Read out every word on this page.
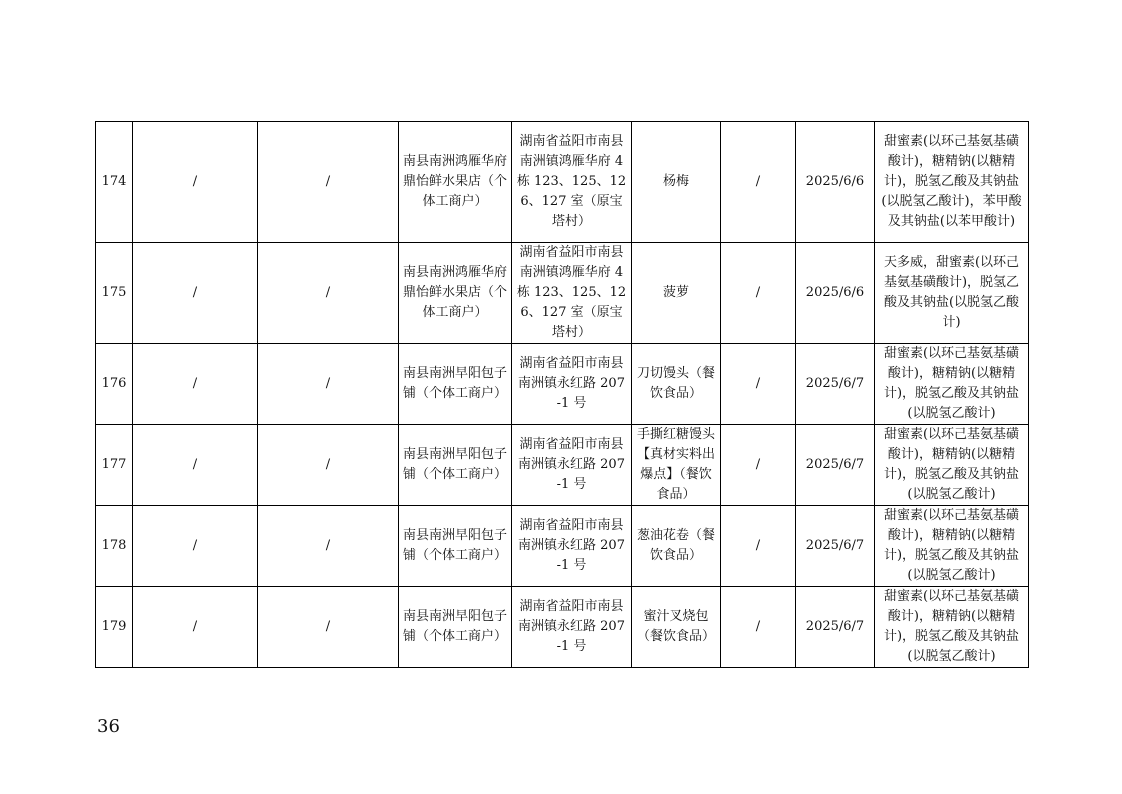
174	/	/	南县南洲鸿雁华府鼎怡鲜水果店（个体工商户）	湖南省益阳市南县南洲镇鸿雁华府 4 栋 123、125、126、127 室（原宝塔村）	杨梅	/	2025/6/6	甜蜜素(以环己基氨基磺酸计)，糖精钠(以糖精计)，脱氢乙酸及其钠盐(以脱氢乙酸计)，苯甲酸及其钠盐(以苯甲酸计)
175	/	/	南县南洲鸿雁华府鼎怡鲜水果店（个体工商户）	湖南省益阳市南县南洲镇鸿雁华府 4 栋 123、125、126、127 室（原宝塔村）	菠萝	/	2025/6/6	天多威，甜蜜素(以环己基氨基磺酸计)，脱氢乙酸及其钠盐(以脱氢乙酸计)
176	/	/	南县南洲早阳包子铺（个体工商户）	湖南省益阳市南县南洲镇永红路 207-1 号	刀切馒头（餐饮食品）	/	2025/6/7	甜蜜素(以环己基氨基磺酸计)，糖精钠(以糖精计)，脱氢乙酸及其钠盐(以脱氢乙酸计)
177	/	/	南县南洲早阳包子铺（个体工商户）	湖南省益阳市南县南洲镇永红路 207-1 号	手撕红糖馒头【真材实料出爆点】（餐饮食品）	/	2025/6/7	甜蜜素(以环己基氨基磺酸计)，糖精钠(以糖精计)，脱氢乙酸及其钠盐(以脱氢乙酸计)
178	/	/	南县南洲早阳包子铺（个体工商户）	湖南省益阳市南县南洲镇永红路 207-1 号	葱油花卷（餐饮食品）	/	2025/6/7	甜蜜素(以环己基氨基磺酸计)，糖精钠(以糖精计)，脱氢乙酸及其钠盐(以脱氢乙酸计)
179	/	/	南县南洲早阳包子铺（个体工商户）	湖南省益阳市南县南洲镇永红路 207-1 号	蜜汁叉烧包（餐饮食品）	/	2025/6/7	甜蜜素(以环己基氨基磺酸计)，糖精钠(以糖精计)，脱氢乙酸及其钠盐(以脱氢乙酸计)
36
